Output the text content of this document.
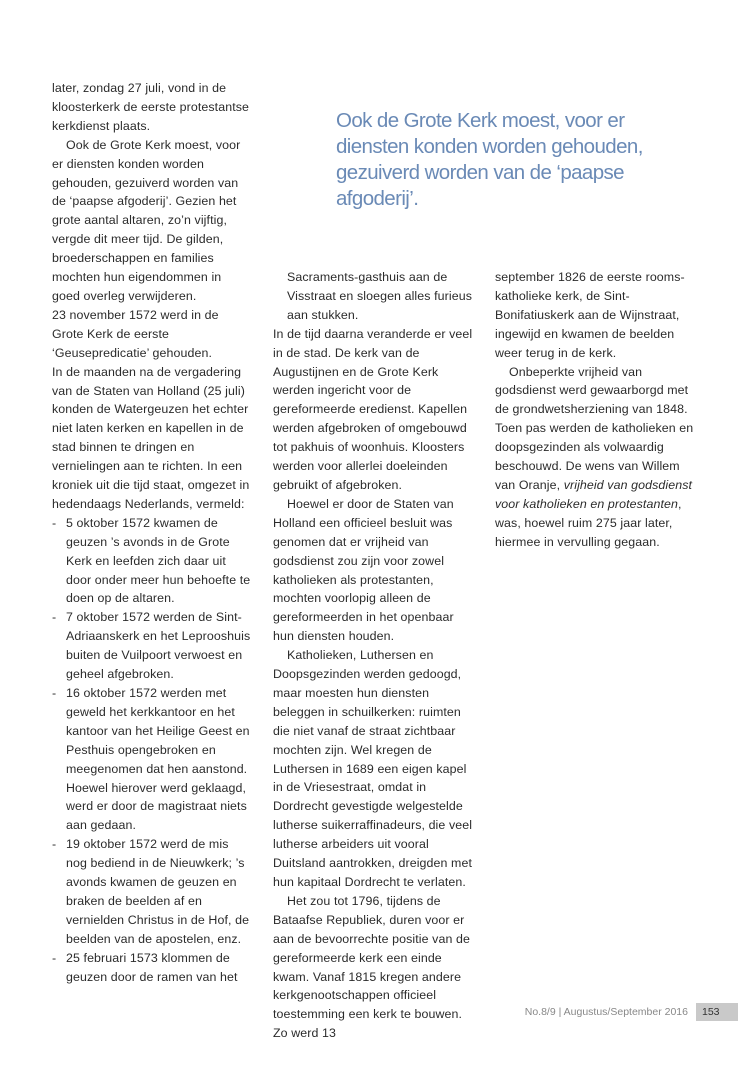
later, zondag 27 juli, vond in de kloosterkerk de eerste protestantse kerkdienst plaats.

Ook de Grote Kerk moest, voor er diensten konden worden gehouden, gezuiverd worden van de ‘paapse afgoderij’. Gezien het grote aantal altaren, zo’n vijftig, vergde dit meer tijd. De gilden, broederschappen en families mochten hun eigendommen in goed overleg verwijderen.

23 november 1572 werd in de Grote Kerk de eerste ‘Geusepredicatie’ gehouden.

In de maanden na de vergadering van de Staten van Holland (25 juli) konden de Watergeuzen het echter niet laten kerken en kapellen in de stad binnen te dringen en vernielingen aan te richten. In een kroniek uit die tijd staat, omgezet in hedendaags Nederlands, vermeld:

- 5 oktober 1572 kwamen de geuzen ’s avonds in de Grote Kerk en leefden zich daar uit door onder meer hun behoefte te doen op de altaren.

- 7 oktober 1572 werden de Sint-Adriaanskerk en het Leprooshuis buiten de Vuilpoort verwoest en geheel afgebroken.

- 16 oktober 1572 werden met geweld het kerkkantoor en het kantoor van het Heilige Geest en Pesthuis opengebroken en meegenomen dat hen aanstond. Hoewel hierover werd geklaagd, werd er door de magistraat niets aan gedaan.

- 19 oktober 1572 werd de mis nog bediend in de Nieuwkerk; ’s avonds kwamen de geuzen en braken de beelden af en vernielden Christus in de Hof, de beelden van de apostelen, enz.

- 25 februari 1573 klommen de geuzen door de ramen van het

Ook de Grote Kerk moest, voor er diensten konden worden gehouden, gezuiverd worden van de ‘paapse afgoderij’.

Sacraments-gasthuis aan de Visstraat en sloegen alles furieus aan stukken.

In de tijd daarna veranderde er veel in de stad. De kerk van de Augustijnen en de Grote Kerk werden ingericht voor de gereformeerde eredienst. Kapellen werden afgebroken of omgebouwd tot pakhuis of woonhuis. Kloosters werden voor allerlei doeleinden gebruikt of afgebroken.

Hoewel er door de Staten van Holland een officieel besluit was genomen dat er vrijheid van godsdienst zou zijn voor zowel katholieken als protestanten, mochten voorlopig alleen de gereformeerden in het openbaar hun diensten houden.

Katholieken, Luthersen en Doopsgezinden werden gedoogd, maar moesten hun diensten beleggen in schuilkerken: ruimten die niet vanaf de straat zichtbaar mochten zijn. Wel kregen de Luthersen in 1689 een eigen kapel in de Vriesestraat, omdat in Dordrecht gevestigde welgestelde lutherse suikerraffinadeurs, die veel lutherse arbeiders uit vooral Duitsland aantrokken, dreigden met hun kapitaal Dordrecht te verlaten.

Het zou tot 1796, tijdens de Bataafse Republiek, duren voor er aan de bevoorrechte positie van de gereformeerde kerk een einde kwam. Vanaf 1815 kregen andere kerkgenootschappen officieel toestemming een kerk te bouwen. Zo werd 13

september 1826 de eerste rooms-katholieke kerk, de Sint-Bonifatiuskerk aan de Wijnstraat, ingewijd en kwamen de beelden weer terug in de kerk.

Onbeperkte vrijheid van godsdienst werd gewaarborgd met de grondwetsherziening van 1848.

Toen pas werden de katholieken en doopsgezinden als volwaardig beschouwd. De wens van Willem van Oranje, vrijheid van godsdienst voor katholieken en protestanten, was, hoewel ruim 275 jaar later, hiermee in vervulling gegaan.

No.8/9 | Augustus/September 2016	153
